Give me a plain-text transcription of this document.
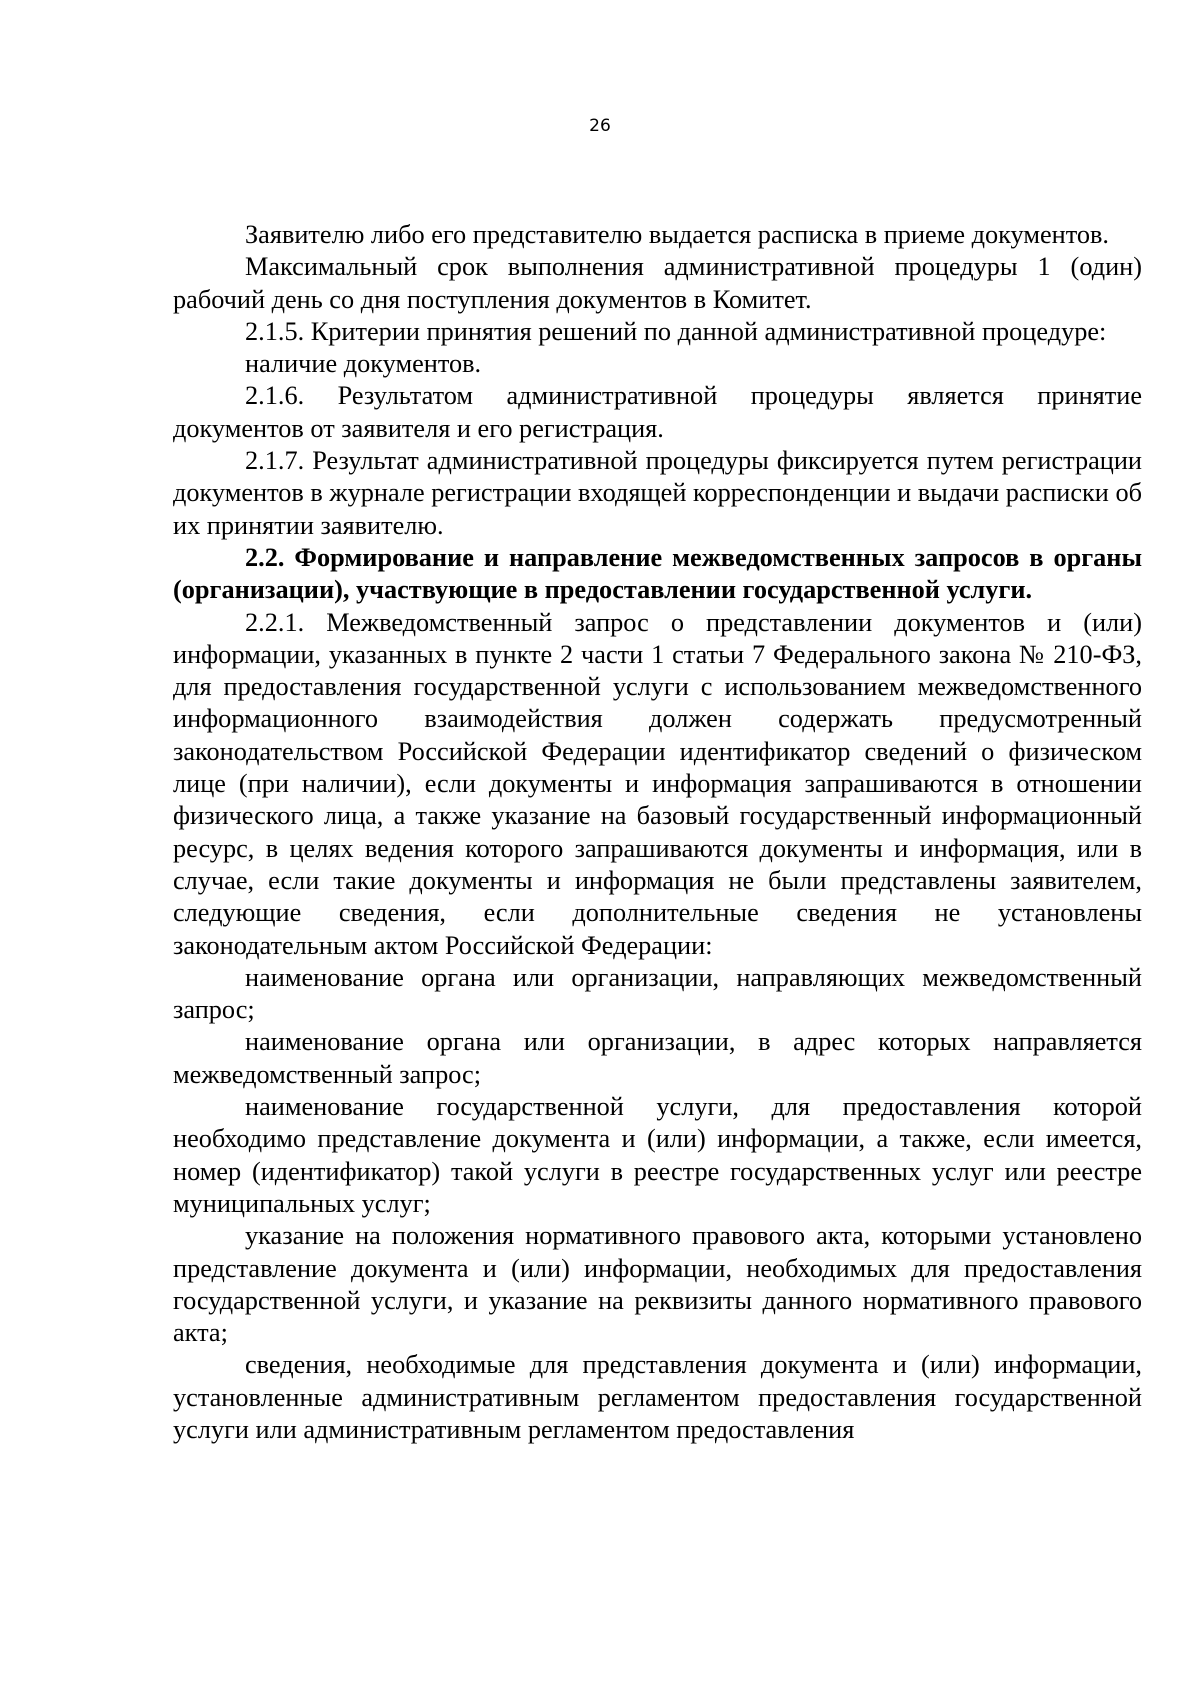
26

Заявителю либо его представителю выдается расписка в приеме документов.

Максимальный срок выполнения административной процедуры 1 (один) рабочий день со дня поступления документов в Комитет.

2.1.5. Критерии принятия решений по данной административной процедуре:

наличие документов.

2.1.6. Результатом административной процедуры является принятие документов от заявителя и его регистрация.

2.1.7. Результат административной процедуры фиксируется путем регистрации документов в журнале регистрации входящей корреспонденции и выдачи расписки об их принятии заявителю.

2.2. Формирование и направление межведомственных запросов в органы (организации), участвующие в предоставлении государственной услуги.

2.2.1. Межведомственный запрос о представлении документов и (или) информации, указанных в пункте 2 части 1 статьи 7 Федерального закона № 210-ФЗ, для предоставления государственной услуги с использованием межведомственного информационного взаимодействия должен содержать предусмотренный законодательством Российской Федерации идентификатор сведений о физическом лице (при наличии), если документы и информация запрашиваются в отношении физического лица, а также указание на базовый государственный информационный ресурс, в целях ведения которого запрашиваются документы и информация, или в случае, если такие документы и информация не были представлены заявителем, следующие сведения, если дополнительные сведения не установлены законодательным актом Российской Федерации:

наименование органа или организации, направляющих межведомственный запрос;

наименование органа или организации, в адрес которых направляется межведомственный запрос;

наименование государственной услуги, для предоставления которой необходимо представление документа и (или) информации, а также, если имеется, номер (идентификатор) такой услуги в реестре государственных услуг или реестре муниципальных услуг;

указание на положения нормативного правового акта, которыми установлено представление документа и (или) информации, необходимых для предоставления государственной услуги, и указание на реквизиты данного нормативного правового акта;

сведения, необходимые для представления документа и (или) информации, установленные административным регламентом предоставления государственной услуги или административным регламентом предоставления
